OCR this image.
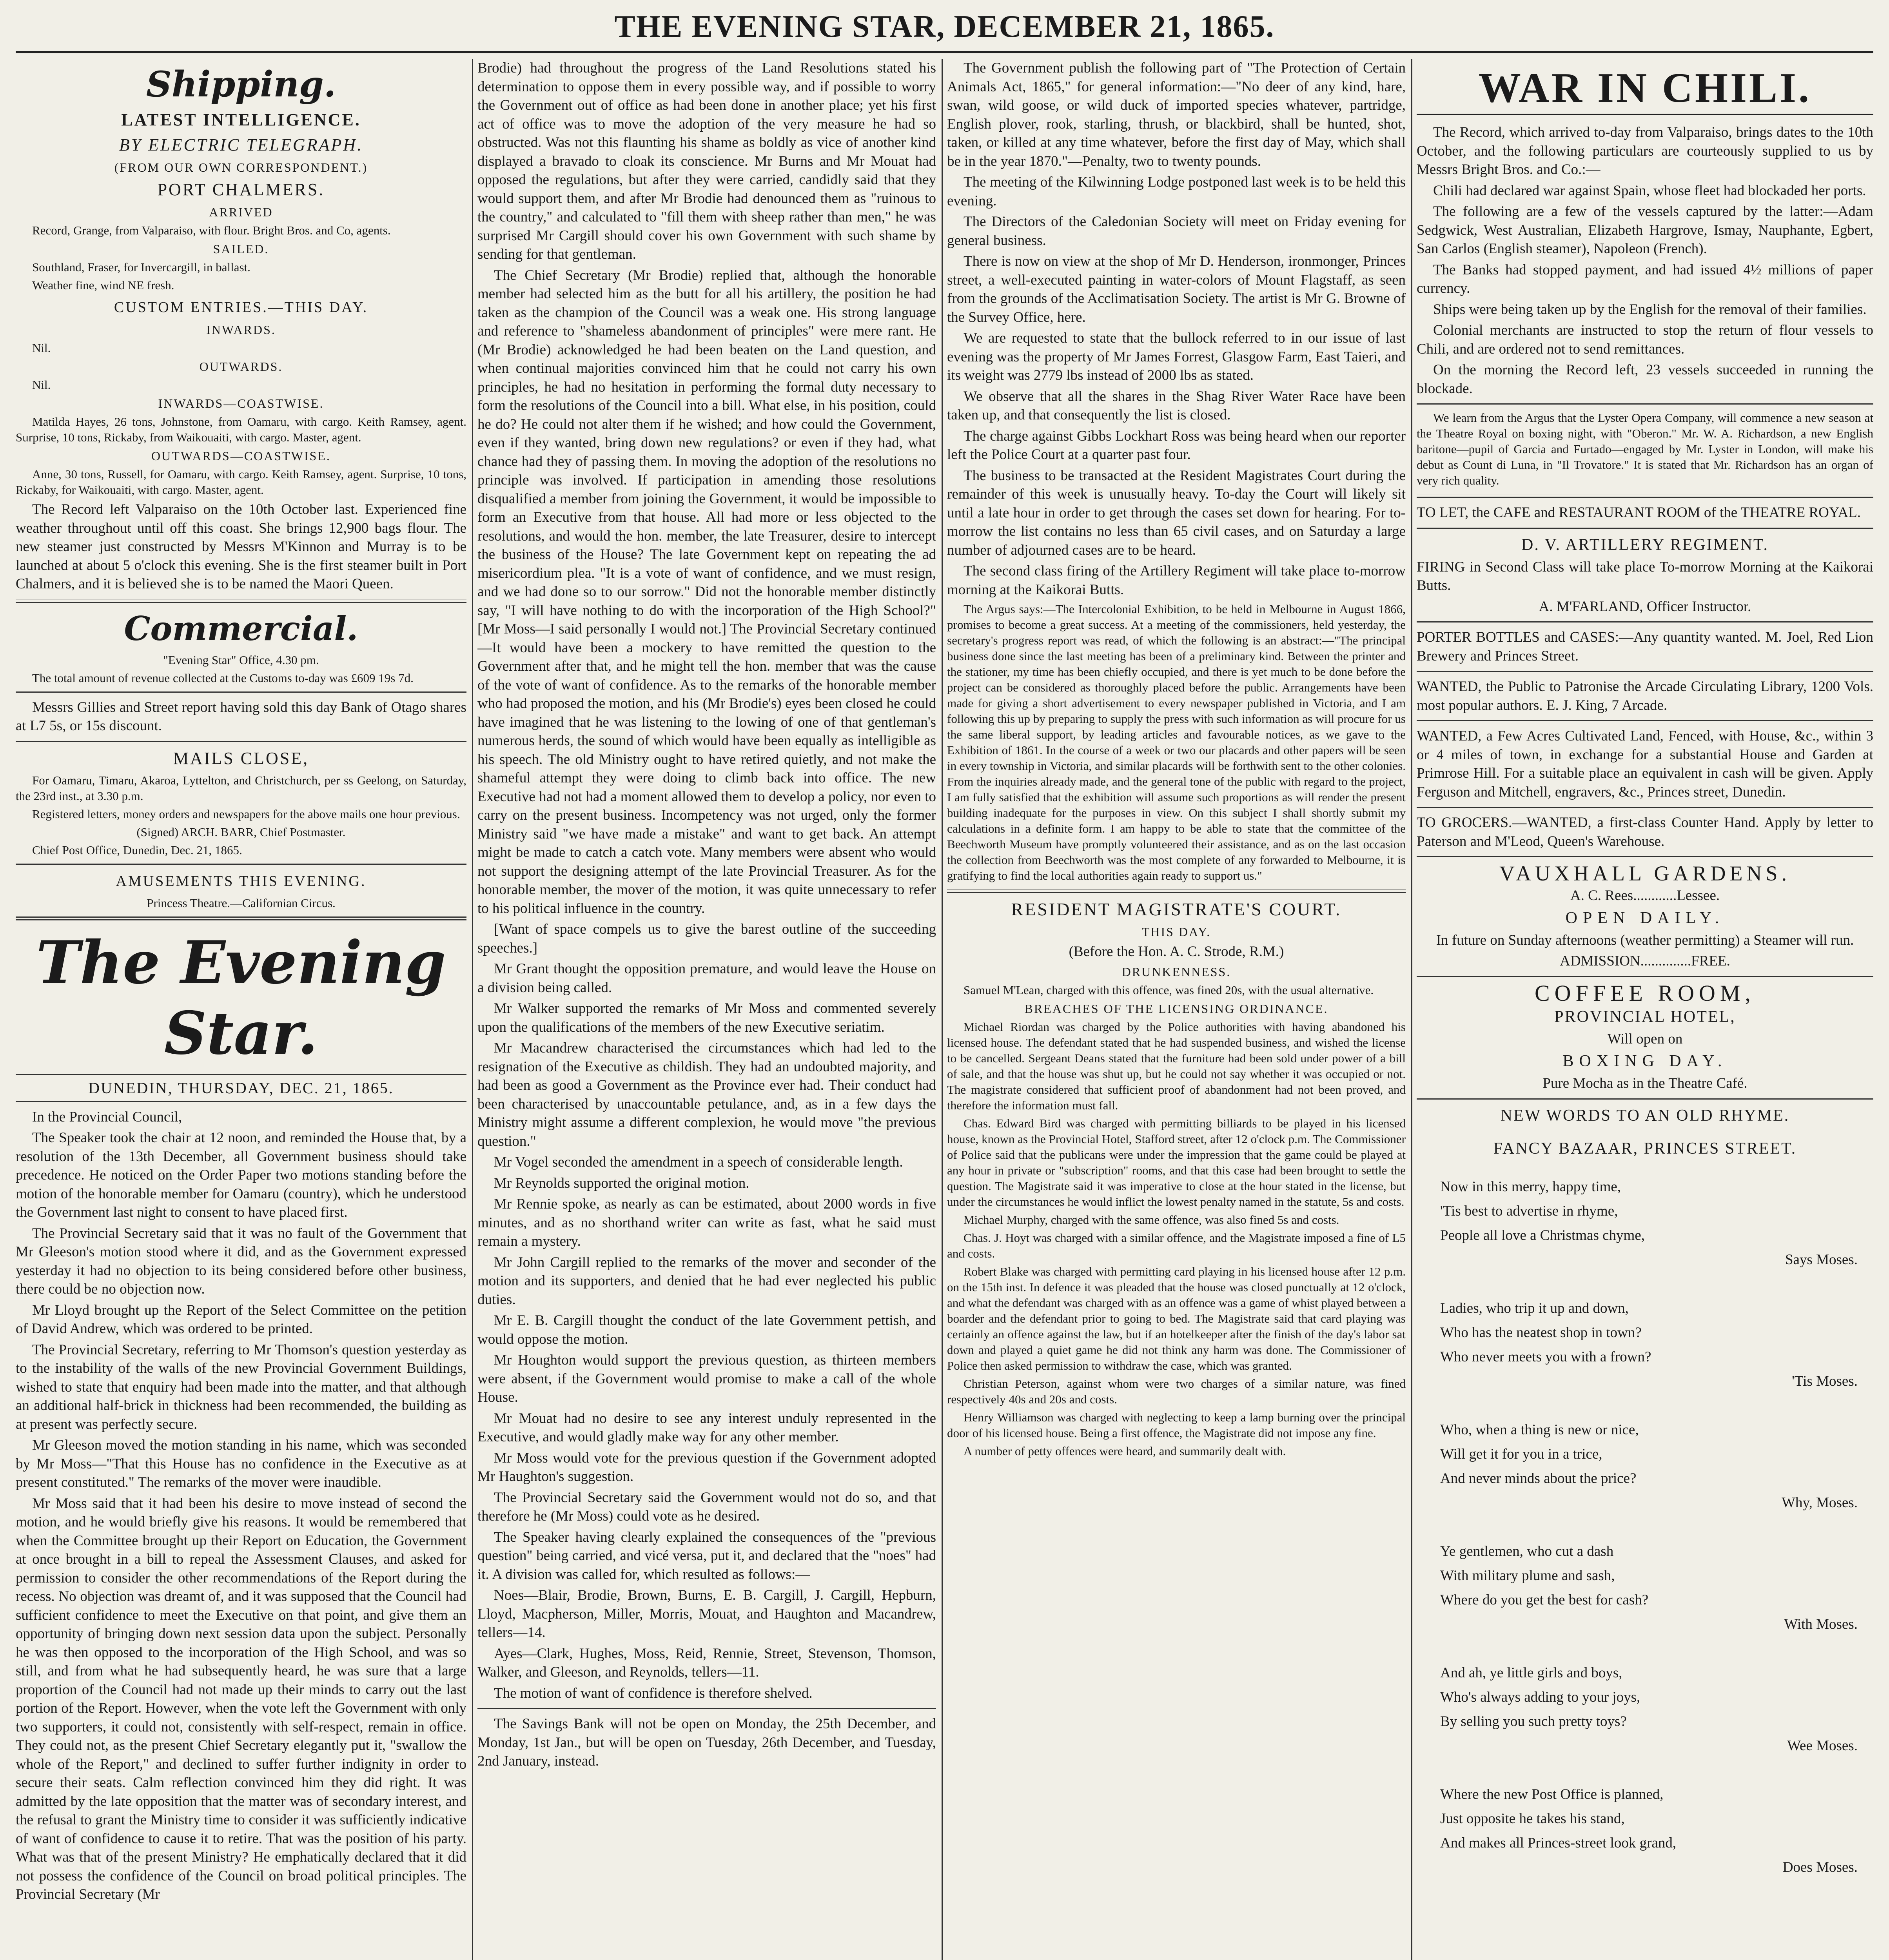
THE EVENING STAR, DECEMBER 21, 1865.
Shipping.
LATEST INTELLIGENCE.
BY ELECTRIC TELEGRAPH.
(FROM OUR OWN CORRESPONDENT.)
PORT CHALMERS.
ARRIVED

Record, Grange, from Valparaiso, with flour. Bright Bros. and Co, agents.

SAILED.

Southland, Fraser, for Invercargill, in ballast.

Weather fine, wind NE fresh.

CUSTOM ENTRIES.—THIS DAY.
INWARDS.

Nil.

OUTWARDS.

Nil.

INWARDS—COASTWISE.

Matilda Hayes, 26 tons, Johnstone, from Oamaru, with cargo. Keith Ramsey, agent. Surprise, 10 tons, Rickaby, from Waikouaiti, with cargo. Master, agent.

OUTWARDS—COASTWISE.

Anne, 30 tons, Russell, for Oamaru, with cargo. Keith Ramsey, agent. Surprise, 10 tons, Rickaby, for Waikouaiti, with cargo. Master, agent.

The Record left Valparaiso on the 10th October last. Experienced fine weather throughout until off this coast. She brings 12,900 bags flour. The new steamer just constructed by Messrs M'Kinnon and Murray is to be launched at about 5 o'clock this evening. She is the first steamer built in Port Chalmers, and it is believed she is to be named the Maori Queen.

Commercial.

"Evening Star" Office, 4.30 pm.

The total amount of revenue collected at the Customs to-day was £609 19s 7d.

Messrs Gillies and Street report having sold this day Bank of Otago shares at L7 5s, or 15s discount.

MAILS CLOSE,

For Oamaru, Timaru, Akaroa, Lyttelton, and Christchurch, per ss Geelong, on Saturday, the 23rd inst., at 3.30 p.m.

Registered letters, money orders and newspapers for the above mails one hour previous.

(Signed) ARCH. BARR, Chief Postmaster.

Chief Post Office, Dunedin, Dec. 21, 1865.

AMUSEMENTS THIS EVENING.

Princess Theatre.—Californian Circus.

The Evening Star.
DUNEDIN, THURSDAY, DEC. 21, 1865.

In the Provincial Council,

The Speaker took the chair at 12 noon, and reminded the House that, by a resolution of the 13th December, all Government business should take precedence. He noticed on the Order Paper two motions standing before the motion of the honorable member for Oamaru (country), which he understood the Government last night to consent to have placed first.

The Provincial Secretary said that it was no fault of the Government that Mr Gleeson's motion stood where it did, and as the Government expressed yesterday it had no objection to its being considered before other business, there could be no objection now.

Mr Lloyd brought up the Report of the Select Committee on the petition of David Andrew, which was ordered to be printed.

The Provincial Secretary, referring to Mr Thomson's question yesterday as to the instability of the walls of the new Provincial Government Buildings, wished to state that enquiry had been made into the matter, and that although an additional half-brick in thickness had been recommended, the building as at present was perfectly secure.

Mr Gleeson moved the motion standing in his name, which was seconded by Mr Moss—"That this House has no confidence in the Executive as at present constituted." The remarks of the mover were inaudible.

Mr Moss said that it had been his desire to move instead of second the motion, and he would briefly give his reasons. It would be remembered that when the Committee brought up their Report on Education, the Government at once brought in a bill to repeal the Assessment Clauses, and asked for permission to consider the other recommendations of the Report during the recess. No objection was dreamt of, and it was supposed that the Council had sufficient confidence to meet the Executive on that point, and give them an opportunity of bringing down next session data upon the subject. Personally he was then opposed to the incorporation of the High School, and was so still, and from what he had subsequently heard, he was sure that a large proportion of the Council had not made up their minds to carry out the last portion of the Report. However, when the vote left the Government with only two supporters, it could not, consistently with self-respect, remain in office. They could not, as the present Chief Secretary elegantly put it, "swallow the whole of the Report," and declined to suffer further indignity in order to secure their seats. Calm reflection convinced him they did right. It was admitted by the late opposition that the matter was of secondary interest, and the refusal to grant the Ministry time to consider it was sufficiently indicative of want of confidence to cause it to retire. That was the position of his party. What was that of the present Ministry? He emphatically declared that it did not possess the confidence of the Council on broad political principles. The Provincial Secretary (Mr

Brodie) had throughout the progress of the Land Resolutions stated his determination to oppose them in every possible way, and if possible to worry the Government out of office as had been done in another place; yet his first act of office was to move the adoption of the very measure he had so obstructed. Was not this flaunting his shame as boldly as vice of another kind displayed a bravado to cloak its conscience. Mr Burns and Mr Mouat had opposed the regulations, but after they were carried, candidly said that they would support them, and after Mr Brodie had denounced them as "ruinous to the country," and calculated to "fill them with sheep rather than men," he was surprised Mr Cargill should cover his own Government with such shame by sending for that gentleman.

The Chief Secretary (Mr Brodie) replied that, although the honorable member had selected him as the butt for all his artillery, the position he had taken as the champion of the Council was a weak one. His strong language and reference to "shameless abandonment of principles" were mere rant. He (Mr Brodie) acknowledged he had been beaten on the Land question, and when continual majorities convinced him that he could not carry his own principles, he had no hesitation in performing the formal duty necessary to form the resolutions of the Council into a bill. What else, in his position, could he do? He could not alter them if he wished; and how could the Government, even if they wanted, bring down new regulations? or even if they had, what chance had they of passing them. In moving the adoption of the resolutions no principle was involved. If participation in amending those resolutions disqualified a member from joining the Government, it would be impossible to form an Executive from that house. All had more or less objected to the resolutions, and would the hon. member, the late Treasurer, desire to intercept the business of the House? The late Government kept on repeating the ad misericordium plea. "It is a vote of want of confidence, and we must resign, and we had done so to our sorrow." Did not the honorable member distinctly say, "I will have nothing to do with the incorporation of the High School?" [Mr Moss—I said personally I would not.] The Provincial Secretary continued—It would have been a mockery to have remitted the question to the Government after that, and he might tell the hon. member that was the cause of the vote of want of confidence. As to the remarks of the honorable member who had proposed the motion, and his (Mr Brodie's) eyes been closed he could have imagined that he was listening to the lowing of one of that gentleman's numerous herds, the sound of which would have been equally as intelligible as his speech. The old Ministry ought to have retired quietly, and not make the shameful attempt they were doing to climb back into office. The new Executive had not had a moment allowed them to develop a policy, nor even to carry on the present business. Incompetency was not urged, only the former Ministry said "we have made a mistake" and want to get back. An attempt might be made to catch a catch vote. Many members were absent who would not support the designing attempt of the late Provincial Treasurer. As for the honorable member, the mover of the motion, it was quite unnecessary to refer to his political influence in the country.

[Want of space compels us to give the barest outline of the succeeding speeches.]

Mr Grant thought the opposition premature, and would leave the House on a division being called.

Mr Walker supported the remarks of Mr Moss and commented severely upon the qualifications of the members of the new Executive seriatim.

Mr Macandrew characterised the circumstances which had led to the resignation of the Executive as childish. They had an undoubted majority, and had been as good a Government as the Province ever had. Their conduct had been characterised by unaccountable petulance, and, as in a few days the Ministry might assume a different complexion, he would move "the previous question."

Mr Vogel seconded the amendment in a speech of considerable length.

Mr Reynolds supported the original motion.

Mr Rennie spoke, as nearly as can be estimated, about 2000 words in five minutes, and as no shorthand writer can write as fast, what he said must remain a mystery.

Mr John Cargill replied to the remarks of the mover and seconder of the motion and its supporters, and denied that he had ever neglected his public duties.

Mr E. B. Cargill thought the conduct of the late Government pettish, and would oppose the motion.

Mr Houghton would support the previous question, as thirteen members were absent, if the Government would promise to make a call of the whole House.

Mr Mouat had no desire to see any interest unduly represented in the Executive, and would gladly make way for any other member.

Mr Moss would vote for the previous question if the Government adopted Mr Haughton's suggestion.

The Provincial Secretary said the Government would not do so, and that therefore he (Mr Moss) could vote as he desired.

The Speaker having clearly explained the consequences of the "previous question" being carried, and vicé versa, put it, and declared that the "noes" had it. A division was called for, which resulted as follows:—

Noes—Blair, Brodie, Brown, Burns, E. B. Cargill, J. Cargill, Hepburn, Lloyd, Macpherson, Miller, Morris, Mouat, and Haughton and Macandrew, tellers—14.

Ayes—Clark, Hughes, Moss, Reid, Rennie, Street, Stevenson, Thomson, Walker, and Gleeson, and Reynolds, tellers—11.

The motion of want of confidence is therefore shelved.

The Savings Bank will not be open on Monday, the 25th December, and Monday, 1st Jan., but will be open on Tuesday, 26th December, and Tuesday, 2nd January, instead.

The Government publish the following part of "The Protection of Certain Animals Act, 1865," for general information:—"No deer of any kind, hare, swan, wild goose, or wild duck of imported species whatever, partridge, English plover, rook, starling, thrush, or blackbird, shall be hunted, shot, taken, or killed at any time whatever, before the first day of May, which shall be in the year 1870."—Penalty, two to twenty pounds.

The meeting of the Kilwinning Lodge postponed last week is to be held this evening.

The Directors of the Caledonian Society will meet on Friday evening for general business.

There is now on view at the shop of Mr D. Henderson, ironmonger, Princes street, a well-executed painting in water-colors of Mount Flagstaff, as seen from the grounds of the Acclimatisation Society. The artist is Mr G. Browne of the Survey Office, here.

We are requested to state that the bullock referred to in our issue of last evening was the property of Mr James Forrest, Glasgow Farm, East Taieri, and its weight was 2779 lbs instead of 2000 lbs as stated.

We observe that all the shares in the Shag River Water Race have been taken up, and that consequently the list is closed.

The charge against Gibbs Lockhart Ross was being heard when our reporter left the Police Court at a quarter past four.

The business to be transacted at the Resident Magistrates Court during the remainder of this week is unusually heavy. To-day the Court will likely sit until a late hour in order to get through the cases set down for hearing. For to-morrow the list contains no less than 65 civil cases, and on Saturday a large number of adjourned cases are to be heard.

The second class firing of the Artillery Regiment will take place to-morrow morning at the Kaikorai Butts.

The Argus says:—The Intercolonial Exhibition, to be held in Melbourne in August 1866, promises to become a great success. At a meeting of the commissioners, held yesterday, the secretary's progress report was read, of which the following is an abstract:—"The principal business done since the last meeting has been of a preliminary kind. Between the printer and the stationer, my time has been chiefly occupied, and there is yet much to be done before the project can be considered as thoroughly placed before the public. Arrangements have been made for giving a short advertisement to every newspaper published in Victoria, and I am following this up by preparing to supply the press with such information as will procure for us the same liberal support, by leading articles and favourable notices, as we gave to the Exhibition of 1861. In the course of a week or two our placards and other papers will be seen in every township in Victoria, and similar placards will be forthwith sent to the other colonies. From the inquiries already made, and the general tone of the public with regard to the project, I am fully satisfied that the exhibition will assume such proportions as will render the present building inadequate for the purposes in view. On this subject I shall shortly submit my calculations in a definite form. I am happy to be able to state that the committee of the Beechworth Museum have promptly volunteered their assistance, and as on the last occasion the collection from Beechworth was the most complete of any forwarded to Melbourne, it is gratifying to find the local authorities again ready to support us."

RESIDENT MAGISTRATE'S COURT.
THIS DAY.

(Before the Hon. A. C. Strode, R.M.)

DRUNKENNESS.

Samuel M'Lean, charged with this offence, was fined 20s, with the usual alternative.

BREACHES OF THE LICENSING ORDINANCE.

Michael Riordan was charged by the Police authorities with having abandoned his licensed house. The defendant stated that he had suspended business, and wished the license to be cancelled. Sergeant Deans stated that the furniture had been sold under power of a bill of sale, and that the house was shut up, but he could not say whether it was occupied or not. The magistrate considered that sufficient proof of abandonment had not been proved, and therefore the information must fall.

Chas. Edward Bird was charged with permitting billiards to be played in his licensed house, known as the Provincial Hotel, Stafford street, after 12 o'clock p.m. The Commissioner of Police said that the publicans were under the impression that the game could be played at any hour in private or "subscription" rooms, and that this case had been brought to settle the question. The Magistrate said it was imperative to close at the hour stated in the license, but under the circumstances he would inflict the lowest penalty named in the statute, 5s and costs.

Michael Murphy, charged with the same offence, was also fined 5s and costs.

Chas. J. Hoyt was charged with a similar offence, and the Magistrate imposed a fine of L5 and costs.

Robert Blake was charged with permitting card playing in his licensed house after 12 p.m. on the 15th inst. In defence it was pleaded that the house was closed punctually at 12 o'clock, and what the defendant was charged with as an offence was a game of whist played between a boarder and the defendant prior to going to bed. The Magistrate said that card playing was certainly an offence against the law, but if an hotelkeeper after the finish of the day's labor sat down and played a quiet game he did not think any harm was done. The Commissioner of Police then asked permission to withdraw the case, which was granted.

Christian Peterson, against whom were two charges of a similar nature, was fined respectively 40s and 20s and costs.

Henry Williamson was charged with neglecting to keep a lamp burning over the principal door of his licensed house. Being a first offence, the Magistrate did not impose any fine.

A number of petty offences were heard, and summarily dealt with.

WAR IN CHILI.

The Record, which arrived to-day from Valparaiso, brings dates to the 10th October, and the following particulars are courteously supplied to us by Messrs Bright Bros. and Co.:—

Chili had declared war against Spain, whose fleet had blockaded her ports.

The following are a few of the vessels captured by the latter:—Adam Sedgwick, West Australian, Elizabeth Hargrove, Ismay, Nauphante, Egbert, San Carlos (English steamer), Napoleon (French).

The Banks had stopped payment, and had issued 4½ millions of paper currency.

Ships were being taken up by the English for the removal of their families.

Colonial merchants are instructed to stop the return of flour vessels to Chili, and are ordered not to send remittances.

On the morning the Record left, 23 vessels succeeded in running the blockade.

We learn from the Argus that the Lyster Opera Company, will commence a new season at the Theatre Royal on boxing night, with "Oberon." Mr. W. A. Richardson, a new English baritone—pupil of Garcia and Furtado—engaged by Mr. Lyster in London, will make his debut as Count di Luna, in "Il Trovatore." It is stated that Mr. Richardson has an organ of very rich quality.

TO LET, the CAFE and RESTAURANT ROOM of the THEATRE ROYAL.

D. V. ARTILLERY REGIMENT.

FIRING in Second Class will take place To-morrow Morning at the Kaikorai Butts.

A. M'FARLAND, Officer Instructor.

PORTER BOTTLES and CASES:—Any quantity wanted. M. Joel, Red Lion Brewery and Princes Street.

WANTED, the Public to Patronise the Arcade Circulating Library, 1200 Vols. most popular authors. E. J. King, 7 Arcade.

WANTED, a Few Acres Cultivated Land, Fenced, with House, &c., within 3 or 4 miles of town, in exchange for a substantial House and Garden at Primrose Hill. For a suitable place an equivalent in cash will be given. Apply Ferguson and Mitchell, engravers, &c., Princes street, Dunedin.

TO GROCERS.—WANTED, a first-class Counter Hand. Apply by letter to Paterson and M'Leod, Queen's Warehouse.

VAUXHALL GARDENS.

A. C. Rees............Lessee.

OPEN DAILY.

In future on Sunday afternoons (weather permitting) a Steamer will run.

ADMISSION..............FREE.

COFFEE ROOM,
PROVINCIAL HOTEL,

Will open on

BOXING DAY.

Pure Mocha as in the Theatre Café.

NEW WORDS TO AN OLD RHYME.
FANCY BAZAAR, PRINCES STREET.
Now in this merry, happy time,
'Tis best to advertise in rhyme,
People all love a Christmas chyme,
Says Moses.

Ladies, who trip it up and down,
Who has the neatest shop in town?
Who never meets you with a frown?
'Tis Moses.

Who, when a thing is new or nice,
Will get it for you in a trice,
And never minds about the price?
Why, Moses.

Ye gentlemen, who cut a dash
With military plume and sash,
Where do you get the best for cash?
With Moses.

And ah, ye little girls and boys,
Who's always adding to your joys,
By selling you such pretty toys?
Wee Moses.

Where the new Post Office is planned,
Just opposite he takes his stand,
And makes all Princes-street look grand,
Does Moses.
